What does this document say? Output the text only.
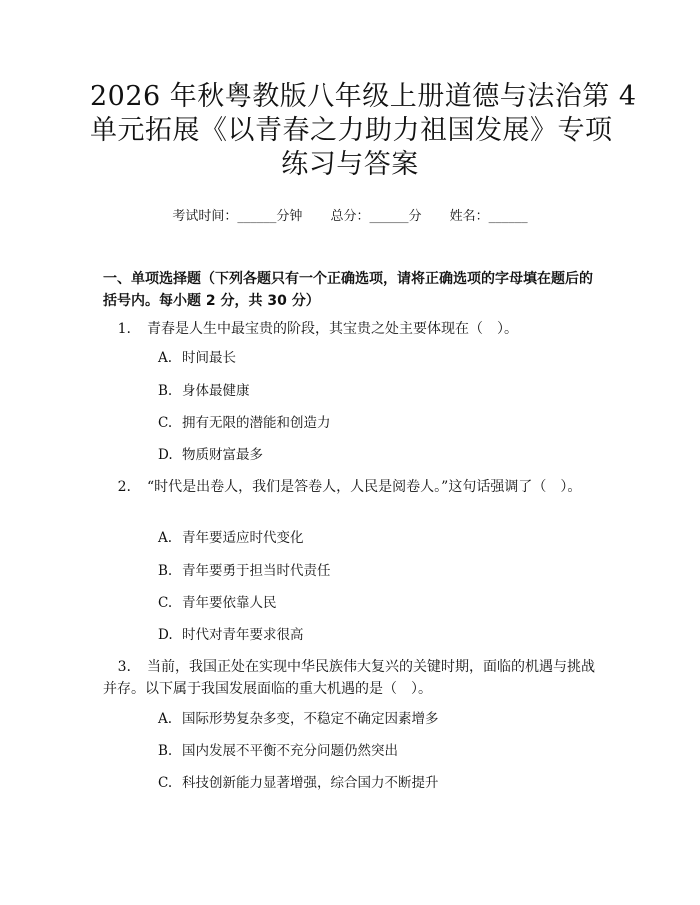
2026 年秋粤教版八年级上册道德与法治第 4
单元拓展《以青春之力助力祖国发展》专项
练习与答案
考试时间：______分钟 总分：______分 姓名：______
一、单项选择题（下列各题只有一个正确选项，请将正确选项的字母填在题后的括号内。每小题 2 分，共 30 分）
1. 青春是人生中最宝贵的阶段，其宝贵之处主要体现在（　）。
A. 时间最长
B. 身体最健康
C. 拥有无限的潜能和创造力
D. 物质财富最多
2. “时代是出卷人，我们是答卷人，人民是阅卷人。”这句话强调了（　）。
A. 青年要适应时代变化
B. 青年要勇于担当时代责任
C. 青年要依靠人民
D. 时代对青年要求很高
3. 当前，我国正处在实现中华民族伟大复兴的关键时期，面临的机遇与挑战并存。以下属于我国发展面临的重大机遇的是（　）。
A. 国际形势复杂多变，不稳定不确定因素增多
B. 国内发展不平衡不充分问题仍然突出
C. 科技创新能力显著增强，综合国力不断提升
